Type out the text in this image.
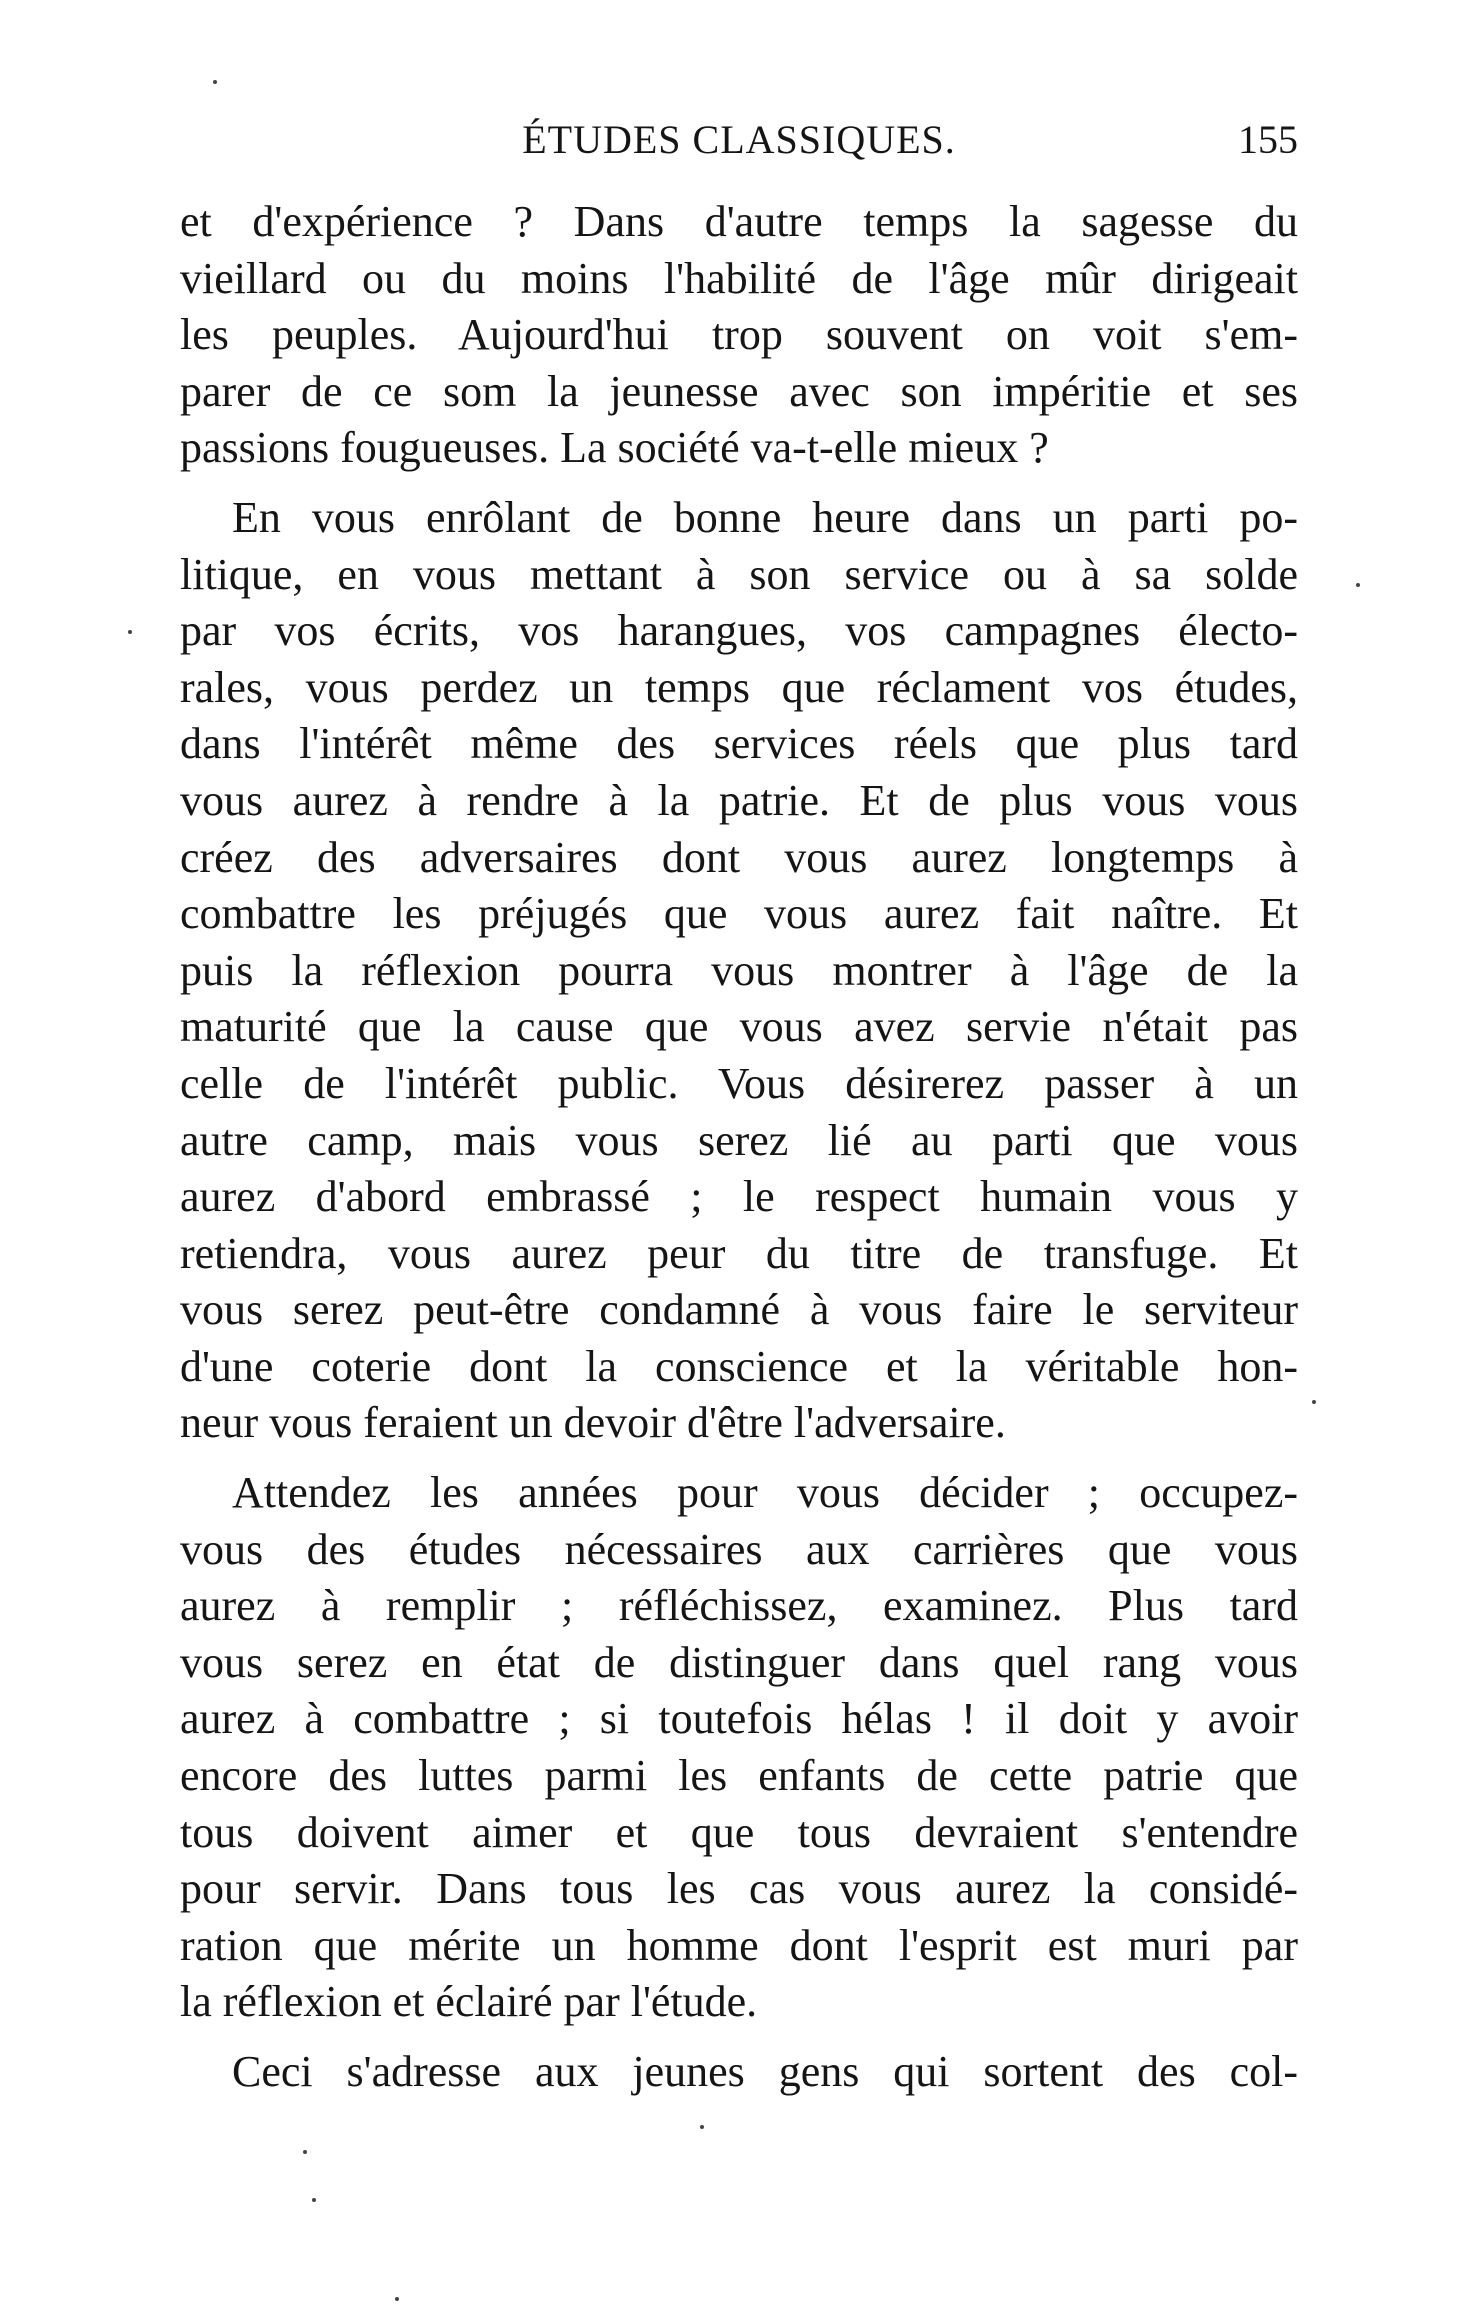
ÉTUDES CLASSIQUES.	155
et d'expérience ? Dans d'autre temps la sagesse du
vieillard ou du moins l'habilité de l'âge mûr dirigeait
les peuples. Aujourd'hui trop souvent on voit s'em-
parer de ce som la jeunesse avec son impéritie et ses
passions fougueuses. La société va-t-elle mieux ?
En vous enrôlant de bonne heure dans un parti po-
litique, en vous mettant à son service ou à sa solde
par vos écrits, vos harangues, vos campagnes électo-
rales, vous perdez un temps que réclament vos études,
dans l'intérêt même des services réels que plus tard
vous aurez à rendre à la patrie. Et de plus vous vous
créez des adversaires dont vous aurez longtemps à
combattre les préjugés que vous aurez fait naître. Et
puis la réflexion pourra vous montrer à l'âge de la
maturité que la cause que vous avez servie n'était pas
celle de l'intérêt public. Vous désirerez passer à un
autre camp, mais vous serez lié au parti que vous
aurez d'abord embrassé ; le respect humain vous y
retiendra, vous aurez peur du titre de transfuge. Et
vous serez peut-être condamné à vous faire le serviteur
d'une coterie dont la conscience et la véritable hon-
neur vous feraient un devoir d'être l'adversaire.
Attendez les années pour vous décider ; occupez-
vous des études nécessaires aux carrières que vous
aurez à remplir ; réfléchissez, examinez. Plus tard
vous serez en état de distinguer dans quel rang vous
aurez à combattre ; si toutefois hélas ! il doit y avoir
encore des luttes parmi les enfants de cette patrie que
tous doivent aimer et que tous devraient s'entendre
pour servir. Dans tous les cas vous aurez la considé-
ration que mérite un homme dont l'esprit est muri par
la réflexion et éclairé par l'étude.
Ceci s'adresse aux jeunes gens qui sortent des col-
